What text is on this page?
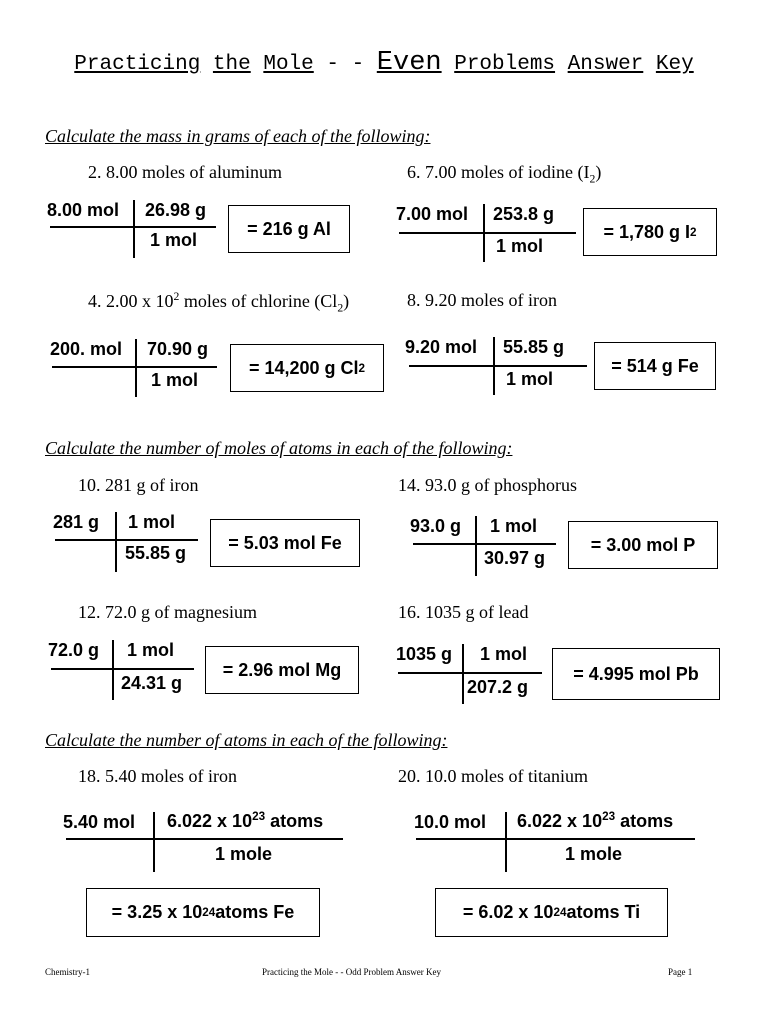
Practicing the Mole - - Even Problems Answer Key
Calculate the mass in grams of each of the following:
2. 8.00 moles of aluminum
8.00 mol 26.98 g
1 mol
= 216 g Al
6. 7.00 moles of iodine $(I_2)$
7.00 mol 253.8 g
1 mol
= 1,780 g I 2
4. 2.00 x $10^2$ moles of chlorine $(Cl_2)$
200. mol 70.90 g
1 mol
= 14,200 g Cl 2
8. 9.20 moles of iron
9.20 mol 55.85 g
1 mol
= 514 g Fe
Calculate the number of moles of atoms in each of the following:
10. 281 g of iron
281 g 1 mol
55.85 g
= 5.03 mol Fe
14. 93.0 g of phosphorus
93.0 g 1 mol
30.97 g
= 3.00 mol P
12. 72.0 g of magnesium
72.0 g 1 mol
24.31 g
= 2.96 mol Mg
16. 1035 g of lead
1035 g 1 mol
207.2 g
= 4.995 mol Pb
Calculate the number of atoms in each of the following:
18. 5.40 moles of iron
5.40 mol 6.022 x $10^{23}$ atoms
1 mole
= 3.25 x 10 24 atoms Fe
20. 10.0 moles of titanium
10.0 mol 6.022 x $10^{23}$ atoms
1 mole
= 6.02 x 10 24 atoms Ti
Chemistry-1	Practicing the Mole - - Odd Problem Answer Key	Page 1
